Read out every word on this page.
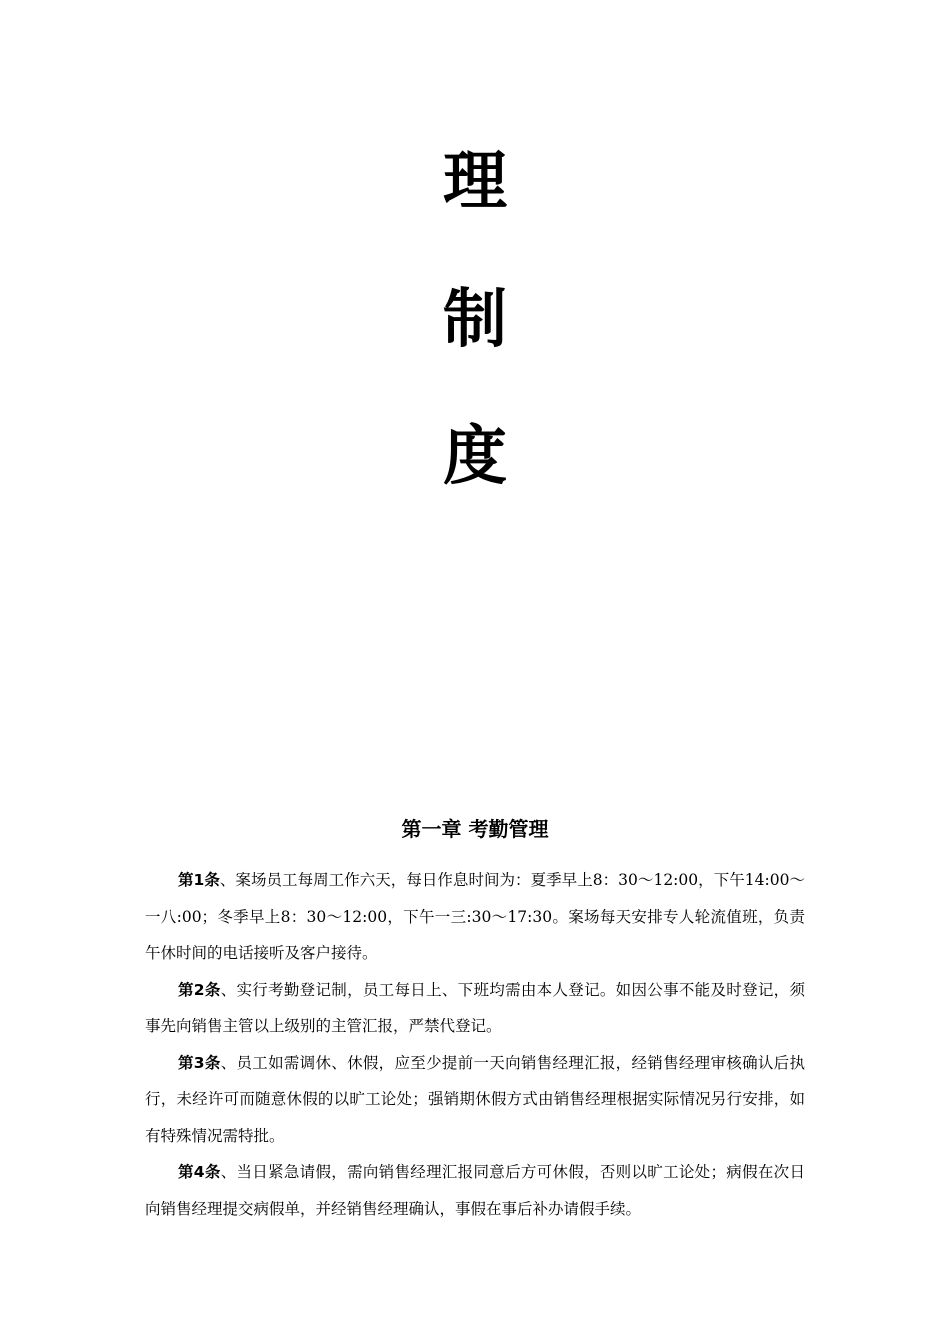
理
制
度
第一章 考勤管理

第1条、案场员工每周工作六天，每日作息时间为：夏季早上8：30～12:00，下午14:00～一八:00；冬季早上8：30～12:00，下午一三:30～17:30。案场每天安排专人轮流值班，负责午休时间的电话接听及客户接待。

第2条、实行考勤登记制，员工每日上、下班均需由本人登记。如因公事不能及时登记，须事先向销售主管以上级别的主管汇报，严禁代登记。

第3条、员工如需调休、休假，应至少提前一天向销售经理汇报，经销售经理审核确认后执行，未经许可而随意休假的以旷工论处；强销期休假方式由销售经理根据实际情况另行安排，如有特殊情况需特批。

第4条、当日紧急请假，需向销售经理汇报同意后方可休假，否则以旷工论处；病假在次日向销售经理提交病假单，并经销售经理确认，事假在事后补办请假手续。
